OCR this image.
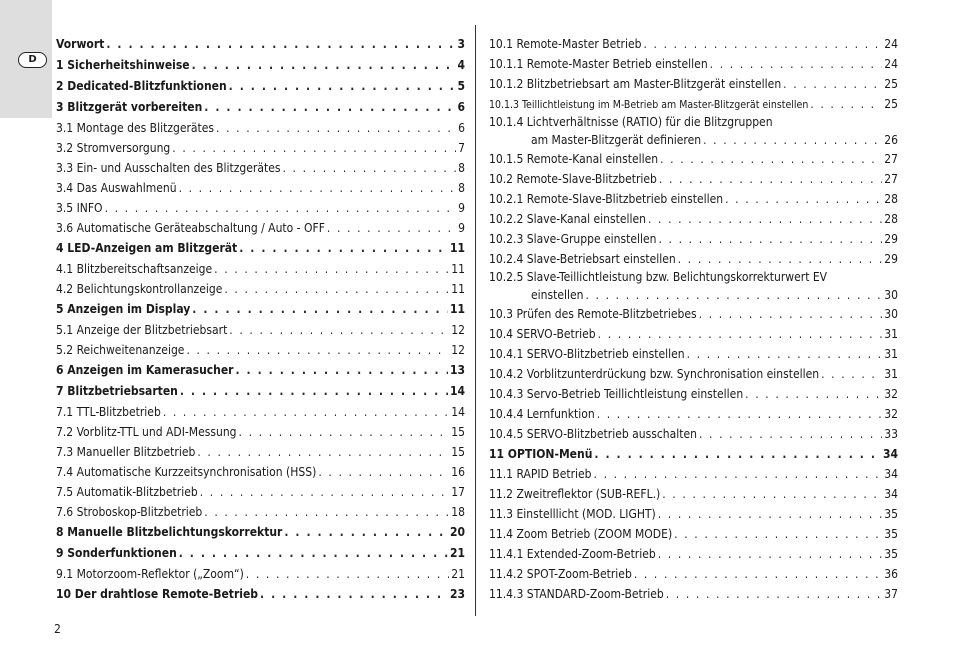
D
Vorwort . . .	3
1 Sicherheitshinweise . . .	4
2 Dedicated-Blitzfunktionen . . .	5
3 Blitzgerät vorbereiten . . .	6
3.1 Montage des Blitzgerätes . . .	6
3.2 Stromversorgung . . .	7
3.3 Ein- und Ausschalten des Blitzgerätes . . .	8
3.4 Das Auswahlmenü . . .	8
3.5 INFO . . .	9
3.6 Automatische Geräteabschaltung / Auto - OFF . . .	9
4 LED-Anzeigen am Blitzgerät . . .	11
4.1 Blitzbereitschaftsanzeige . . .	11
4.2 Belichtungskontrollanzeige . . .	11
5 Anzeigen im Display . . .	11
5.1 Anzeige der Blitzbetriebsart . . .	12
5.2 Reichweitenanzeige . . .	12
6 Anzeigen im Kamerasucher . . .	13
7 Blitzbetriebsarten . . .	14
7.1 TTL-Blitzbetrieb . . .	14
7.2 Vorblitz-TTL und ADI-Messung . . .	15
7.3 Manueller Blitzbetrieb . . .	15
7.4 Automatische Kurzzeitsynchronisation (HSS) . . .	16
7.5 Automatik-Blitzbetrieb . . .	17
7.6 Stroboskop-Blitzbetrieb . . .	18
8 Manuelle Blitzbelichtungskorrektur . . .	20
9 Sonderfunktionen . . .	21
9.1 Motorzoom-Reflektor („Zoom“) . . .	21
10 Der drahtlose Remote-Betrieb . . .	23
10.1 Remote-Master Betrieb . . .	24
10.1.1 Remote-Master Betrieb einstellen . . .	24
10.1.2 Blitzbetriebsart am Master-Blitzgerät einstellen . . .	25
10.1.3 Teillichtleistung im M-Betrieb am Master-Blitzgerät einstellen . . .	25
10.1.4 Lichtverhältnisse (RATIO) für die Blitzgruppen
am Master-Blitzgerät definieren . . .	26
10.1.5 Remote-Kanal einstellen . . .	27
10.2 Remote-Slave-Blitzbetrieb . . .	27
10.2.1 Remote-Slave-Blitzbetrieb einstellen . . .	28
10.2.2 Slave-Kanal einstellen . . .	28
10.2.3 Slave-Gruppe einstellen . . .	29
10.2.4 Slave-Betriebsart einstellen . . .	29
10.2.5 Slave-Teillichtleistung bzw. Belichtungskorrekturwert EV
einstellen . . .	30
10.3 Prüfen des Remote-Blitzbetriebes . . .	30
10.4 SERVO-Betrieb . . .	31
10.4.1 SERVO-Blitzbetrieb einstellen . . .	31
10.4.2 Vorblitzunterdrückung bzw. Synchronisation einstellen . . .	31
10.4.3 Servo-Betrieb Teillichtleistung einstellen . . .	32
10.4.4 Lernfunktion . . .	32
10.4.5 SERVO-Blitzbetrieb ausschalten . . .	33
11 OPTION-Menü . . .	34
11.1 RAPID Betrieb . . .	34
11.2 Zweitreflektor (SUB-REFL.) . . .	34
11.3 Einstelllicht (MOD. LIGHT) . . .	35
11.4 Zoom Betrieb (ZOOM MODE) . . .	35
11.4.1 Extended-Zoom-Betrieb . . .	35
11.4.2 SPOT-Zoom-Betrieb . . .	36
11.4.3 STANDARD-Zoom-Betrieb . . .	37
2
